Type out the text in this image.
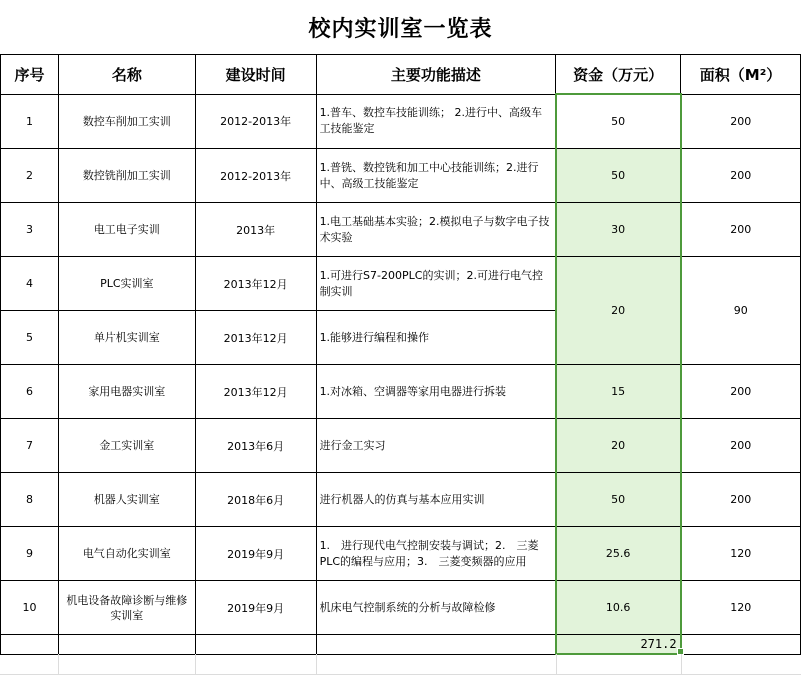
校内实训室一览表
序号	名称	建设时间	主要功能描述	资金（万元）	面积（M²）
1	数控车削加工实训	2012-2013年	1.普车、数控车技能训练； 2.进行中、高级车工技能鉴定	50	200
2	数控铣削加工实训	2012-2013年	1.普铣、数控铣和加工中心技能训练；2.进行中、高级工技能鉴定	50	200
3	电工电子实训	2013年	1.电工基础基本实验；2.模拟电子与数字电子技术实验	30	200
4	PLC实训室	2013年12月	1.可进行S7-200PLC的实训；2.可进行电气控制实训	20	90
5	单片机实训室	2013年12月	1.能够进行编程和操作		
6	家用电器实训室	2013年12月	1.对冰箱、空调器等家用电器进行拆装	15	200
7	金工实训室	2013年6月	进行金工实习	20	200
8	机器人实训室	2018年6月	进行机器人的仿真与基本应用实训	50	200
9	电气自动化实训室	2019年9月	1.　进行现代电气控制安装与调试；2.　三菱PLC的编程与应用；3.　三菱变频器的应用	25.6	120
10	机电设备故障诊断与维修实训室	2019年9月	机床电气控制系统的分析与故障检修	10.6	120
				271.2	
